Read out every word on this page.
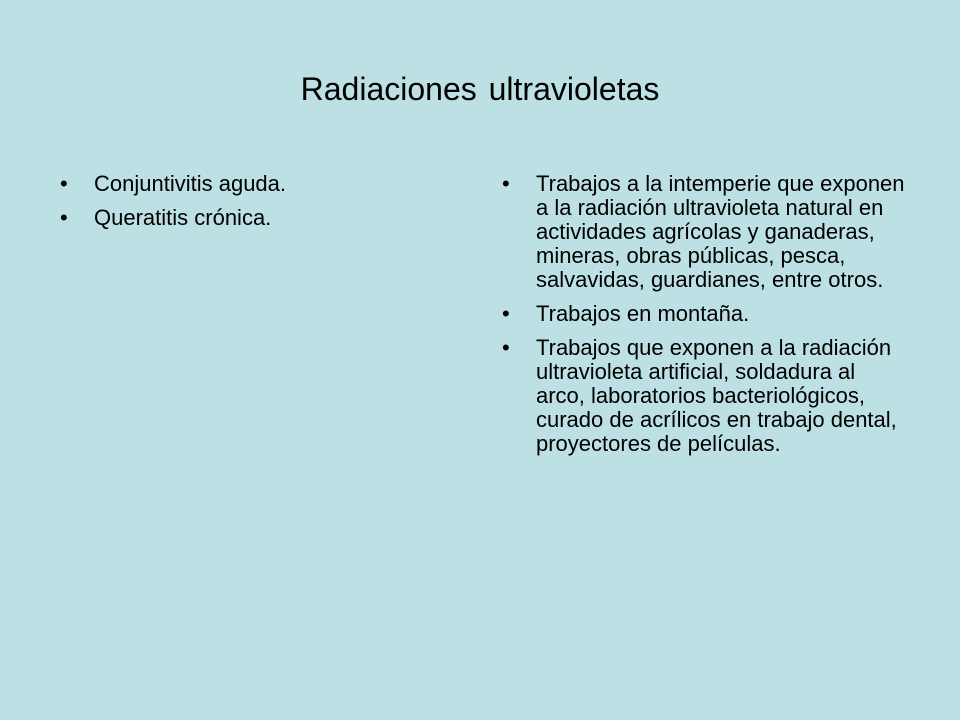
Radiaciones ultravioletas
• Conjuntivitis aguda.
• Queratitis crónica.
• Trabajos a la intemperie que exponen a la radiación ultravioleta natural en actividades agrícolas y ganaderas, mineras, obras públicas, pesca, salvavidas, guardianes, entre otros.
• Trabajos en montaña.
• Trabajos que exponen a la radiación ultravioleta artificial, soldadura al arco, laboratorios bacteriológicos, curado de acrílicos en trabajo dental, proyectores de películas.
